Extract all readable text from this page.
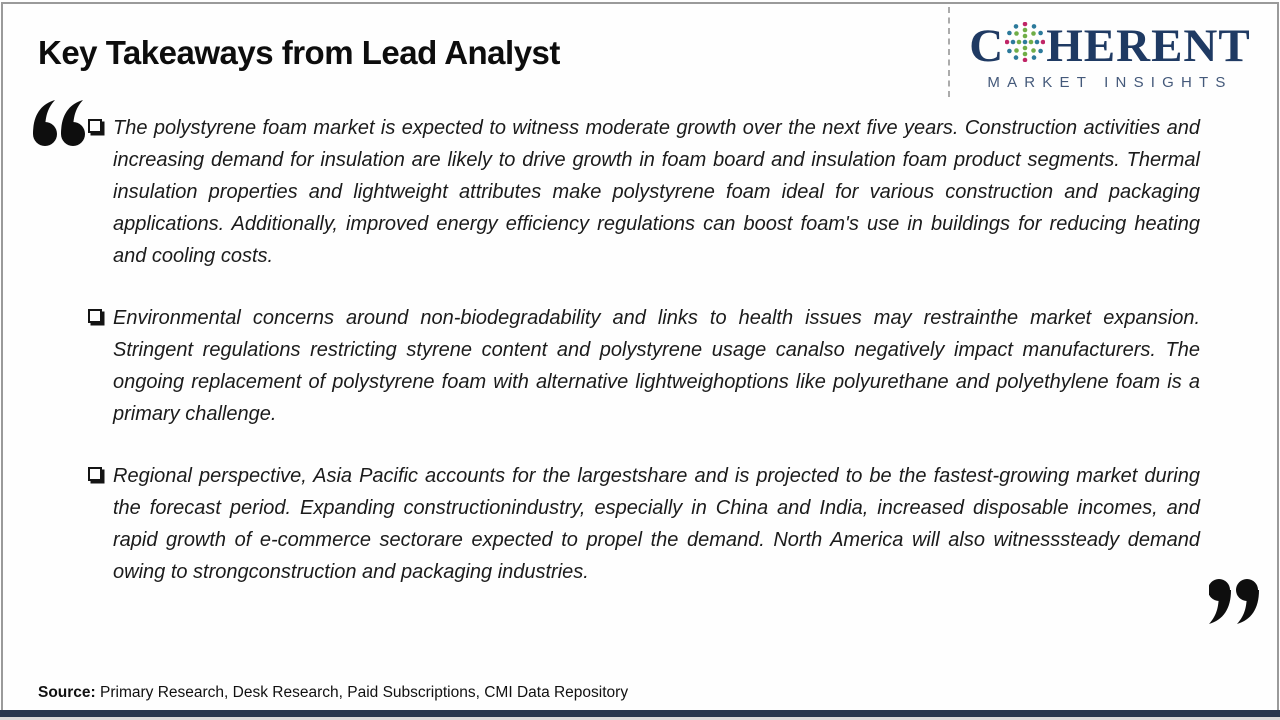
Key Takeaways from Lead Analyst	C HERENT
MARKET INSIGHTS
The polystyrene foam market is expected to witness moderate growth over the next five years. Construction activities and increasing demand for insulation are likely to drive growth in foam board and insulation foam product segments. Thermal insulation properties and lightweight attributes make polystyrene foam ideal for various construction and packaging applications. Additionally, improved energy efficiency regulations can boost foam's use in buildings for reducing heating and cooling costs.
Environmental concerns around non-biodegradability and links to health issues may restrainthe market expansion. Stringent regulations restricting styrene content and polystyrene usage canalso negatively impact manufacturers. The ongoing replacement of polystyrene foam with alternative lightweighoptions like polyurethane and polyethylene foam is a primary challenge.
Regional perspective, Asia Pacific accounts for the largestshare and is projected to be the fastest-growing market during the forecast period. Expanding constructionindustry, especially in China and India, increased disposable incomes, and rapid growth of e-commerce sectorare expected to propel the demand. North America will also witnesssteady demand owing to strongconstruction and packaging industries.
Source: Primary Research, Desk Research, Paid Subscriptions, CMI Data Repository
